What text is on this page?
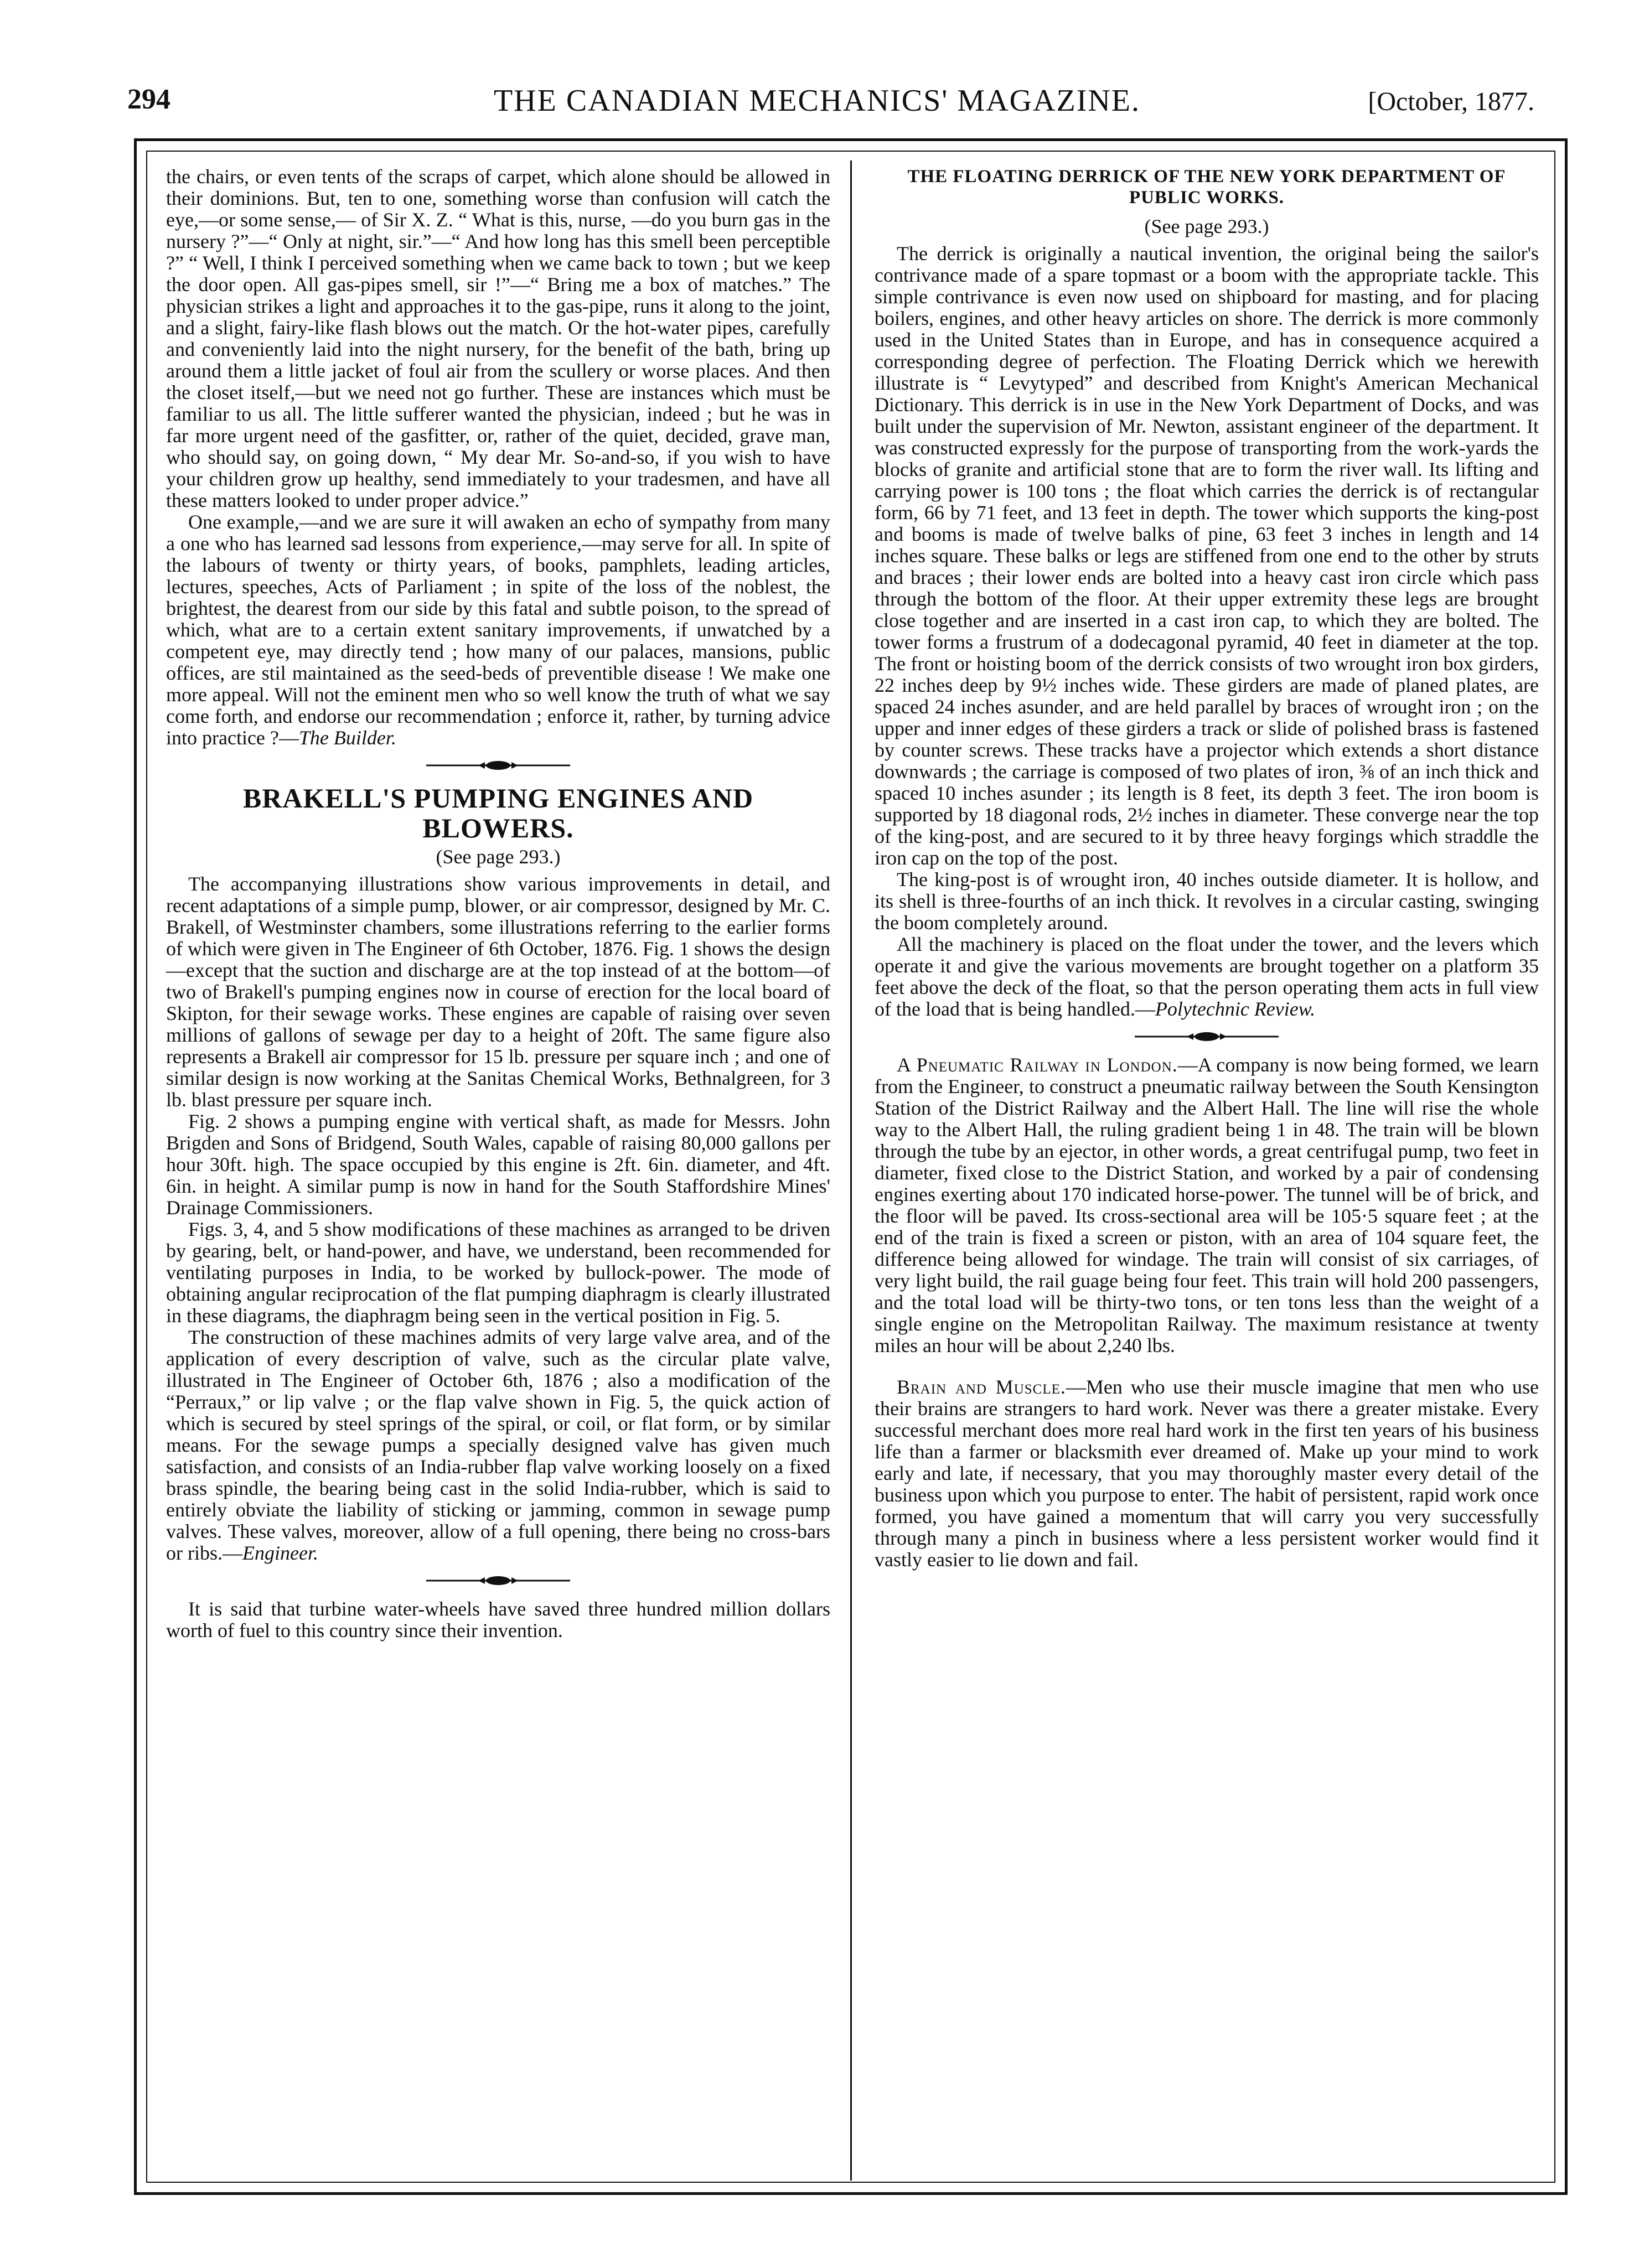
294	THE CANADIAN MECHANICS' MAGAZINE.	[October, 1877.

the chairs, or even tents of the scraps of carpet, which alone should be allowed in their dominions. But, ten to one, something worse than confusion will catch the eye,—or some sense,— of Sir X. Z. “ What is this, nurse, —do you burn gas in the nursery ?”—“ Only at night, sir.”—“ And how long has this smell been perceptible ?” “ Well, I think I perceived something when we came back to town ; but we keep the door open. All gas-pipes smell, sir !”—“ Bring me a box of matches.” The physician strikes a light and approaches it to the gas-pipe, runs it along to the joint, and a slight, fairy-like flash blows out the match. Or the hot-water pipes, carefully and conveniently laid into the night nursery, for the benefit of the bath, bring up around them a little jacket of foul air from the scullery or worse places. And then the closet itself,—but we need not go further. These are instances which must be familiar to us all. The little sufferer wanted the physician, indeed ; but he was in far more urgent need of the gasfitter, or, rather of the quiet, decided, grave man, who should say, on going down, “ My dear Mr. So-and-so, if you wish to have your children grow up healthy, send immediately to your tradesmen, and have all these matters looked to under proper advice.”

One example,—and we are sure it will awaken an echo of sympathy from many a one who has learned sad lessons from experience,—may serve for all. In spite of the labours of twenty or thirty years, of books, pamphlets, leading articles, lectures, speeches, Acts of Parliament ; in spite of the loss of the noblest, the brightest, the dearest from our side by this fatal and subtle poison, to the spread of which, what are to a certain extent sanitary improvements, if unwatched by a competent eye, may directly tend ; how many of our palaces, mansions, public offices, are stil maintained as the seed-beds of preventible disease ! We make one more appeal. Will not the eminent men who so well know the truth of what we say come forth, and endorse our recommendation ; enforce it, rather, by turning advice into practice ?—The Builder.

BRAKELL'S PUMPING ENGINES AND BLOWERS.
(See page 293.)

The accompanying illustrations show various improvements in detail, and recent adaptations of a simple pump, blower, or air compressor, designed by Mr. C. Brakell, of Westminster chambers, some illustrations referring to the earlier forms of which were given in The Engineer of 6th October, 1876. Fig. 1 shows the design—except that the suction and discharge are at the top instead of at the bottom—of two of Brakell's pumping engines now in course of erection for the local board of Skipton, for their sewage works. These engines are capable of raising over seven millions of gallons of sewage per day to a height of 20ft. The same figure also represents a Brakell air compressor for 15 lb. pressure per square inch ; and one of similar design is now working at the Sanitas Chemical Works, Bethnalgreen, for 3 lb. blast pressure per square inch.

Fig. 2 shows a pumping engine with vertical shaft, as made for Messrs. John Brigden and Sons of Bridgend, South Wales, capable of raising 80,000 gallons per hour 30ft. high. The space occupied by this engine is 2ft. 6in. diameter, and 4ft. 6in. in height. A similar pump is now in hand for the South Staffordshire Mines' Drainage Commissioners.

Figs. 3, 4, and 5 show modifications of these machines as arranged to be driven by gearing, belt, or hand-power, and have, we understand, been recommended for ventilating purposes in India, to be worked by bullock-power. The mode of obtaining angular reciprocation of the flat pumping diaphragm is clearly illustrated in these diagrams, the diaphragm being seen in the vertical position in Fig. 5.

The construction of these machines admits of very large valve area, and of the application of every description of valve, such as the circular plate valve, illustrated in The Engineer of October 6th, 1876 ; also a modification of the “Perraux,” or lip valve ; or the flap valve shown in Fig. 5, the quick action of which is secured by steel springs of the spiral, or coil, or flat form, or by similar means. For the sewage pumps a specially designed valve has given much satisfaction, and consists of an India-rubber flap valve working loosely on a fixed brass spindle, the bearing being cast in the solid India-rubber, which is said to entirely obviate the liability of sticking or jamming, common in sewage pump valves. These valves, moreover, allow of a full opening, there being no cross-bars or ribs.—Engineer.

It is said that turbine water-wheels have saved three hundred million dollars worth of fuel to this country since their invention.

THE FLOATING DERRICK OF THE NEW YORK DEPARTMENT OF PUBLIC WORKS.
(See page 293.)

The derrick is originally a nautical invention, the original being the sailor's contrivance made of a spare topmast or a boom with the appropriate tackle. This simple contrivance is even now used on shipboard for masting, and for placing boilers, engines, and other heavy articles on shore. The derrick is more commonly used in the United States than in Europe, and has in consequence acquired a corresponding degree of perfection. The Floating Derrick which we herewith illustrate is “ Levytyped” and described from Knight's American Mechanical Dictionary. This derrick is in use in the New York Department of Docks, and was built under the supervision of Mr. Newton, assistant engineer of the department. It was constructed expressly for the purpose of transporting from the work-yards the blocks of granite and artificial stone that are to form the river wall. Its lifting and carrying power is 100 tons ; the float which carries the derrick is of rectangular form, 66 by 71 feet, and 13 feet in depth. The tower which supports the king-post and booms is made of twelve balks of pine, 63 feet 3 inches in length and 14 inches square. These balks or legs are stiffened from one end to the other by struts and braces ; their lower ends are bolted into a heavy cast iron circle which pass through the bottom of the floor. At their upper extremity these legs are brought close together and are inserted in a cast iron cap, to which they are bolted. The tower forms a frustrum of a dodecagonal pyramid, 40 feet in diameter at the top. The front or hoisting boom of the derrick consists of two wrought iron box girders, 22 inches deep by 9½ inches wide. These girders are made of planed plates, are spaced 24 inches asunder, and are held parallel by braces of wrought iron ; on the upper and inner edges of these girders a track or slide of polished brass is fastened by counter screws. These tracks have a projector which extends a short distance downwards ; the carriage is composed of two plates of iron, ⅜ of an inch thick and spaced 10 inches asunder ; its length is 8 feet, its depth 3 feet. The iron boom is supported by 18 diagonal rods, 2½ inches in diameter. These converge near the top of the king-post, and are secured to it by three heavy forgings which straddle the iron cap on the top of the post.

The king-post is of wrought iron, 40 inches outside diameter. It is hollow, and its shell is three-fourths of an inch thick. It revolves in a circular casting, swinging the boom completely around.

All the machinery is placed on the float under the tower, and the levers which operate it and give the various movements are brought together on a platform 35 feet above the deck of the float, so that the person operating them acts in full view of the load that is being handled.—Polytechnic Review.

A Pneumatic Railway in London.—A company is now being formed, we learn from the Engineer, to construct a pneumatic railway between the South Kensington Station of the District Railway and the Albert Hall. The line will rise the whole way to the Albert Hall, the ruling gradient being 1 in 48. The train will be blown through the tube by an ejector, in other words, a great centrifugal pump, two feet in diameter, fixed close to the District Station, and worked by a pair of condensing engines exerting about 170 indicated horse-power. The tunnel will be of brick, and the floor will be paved. Its cross-sectional area will be 105·5 square feet ; at the end of the train is fixed a screen or piston, with an area of 104 square feet, the difference being allowed for windage. The train will consist of six carriages, of very light build, the rail guage being four feet. This train will hold 200 passengers, and the total load will be thirty-two tons, or ten tons less than the weight of a single engine on the Metropolitan Railway. The maximum resistance at twenty miles an hour will be about 2,240 lbs.

Brain and Muscle.—Men who use their muscle imagine that men who use their brains are strangers to hard work. Never was there a greater mistake. Every successful merchant does more real hard work in the first ten years of his business life than a farmer or blacksmith ever dreamed of. Make up your mind to work early and late, if necessary, that you may thoroughly master every detail of the business upon which you purpose to enter. The habit of persistent, rapid work once formed, you have gained a momentum that will carry you very successfully through many a pinch in business where a less persistent worker would find it vastly easier to lie down and fail.
